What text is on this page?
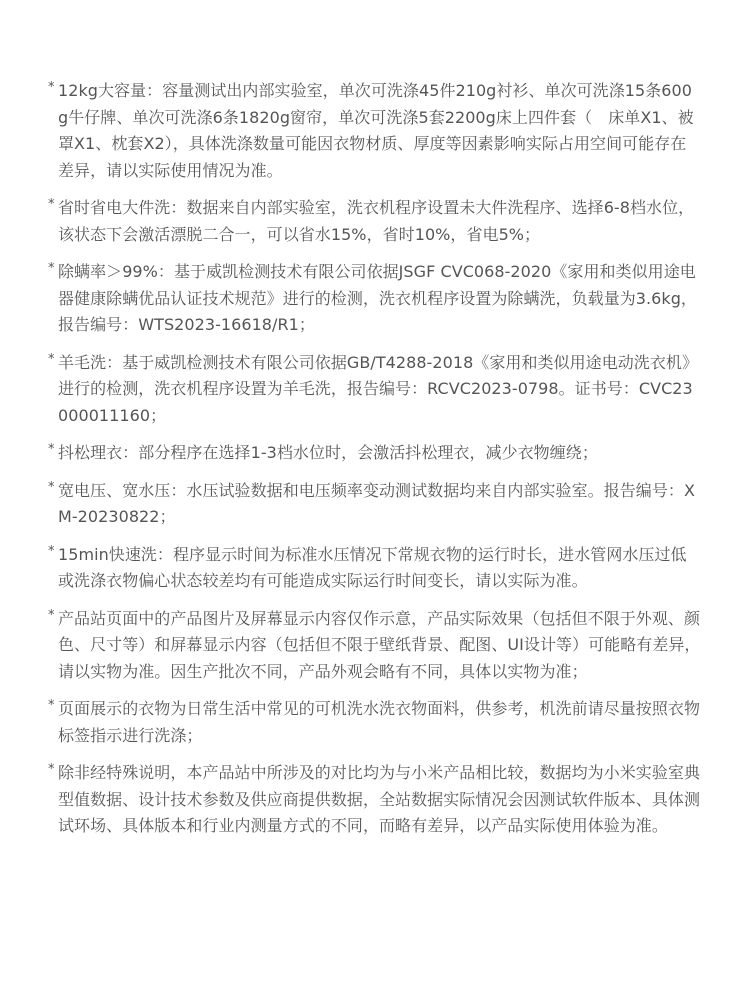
* 12kg大容量：容量测试出内部实验室，单次可洗涤45件210g衬衫、单次可洗涤15条600g牛仔牌、单次可洗涤6条1820g窗帘，单次可洗涤5套2200g床上四件套（　床单X1、被罩X1、枕套X2），具体洗涤数量可能因衣物材质、厚度等因素影响实际占用空间可能存在差异，请以实际使用情况为准。
* 省时省电大件洗：数据来自内部实验室，洗衣机程序设置未大件洗程序、选择6-8档水位，该状态下会激活漂脱二合一，可以省水15%，省时10%，省电5%；
* 除螨率＞99%：基于威凯检测技术有限公司依据JSGF CVC068-2020《家用和类似用途电器健康除螨优品认证技术规范》进行的检测，洗衣机程序设置为除螨洗，负载量为3.6kg，报告编号：WTS2023-16618/R1；
* 羊毛洗：基于威凯检测技术有限公司依据GB/T4288-2018《家用和类似用途电动洗衣机》进行的检测，洗衣机程序设置为羊毛洗，报告编号：RCVC2023-0798。证书号：CVC23000011160；
* 抖松理衣：部分程序在选择1-3档水位时，会激活抖松理衣，减少衣物缠绕；
* 宽电压、宽水压：水压试验数据和电压频率变动测试数据均来自内部实验室。报告编号：XM-20230822；
* 15min快速洗：程序显示时间为标准水压情况下常规衣物的运行时长，进水管网水压过低或洗涤衣物偏心状态较差均有可能造成实际运行时间变长，请以实际为准。
* 产品站页面中的产品图片及屏幕显示内容仅作示意，产品实际效果（包括但不限于外观、颜色、尺寸等）和屏幕显示内容（包括但不限于壁纸背景、配图、UI设计等）可能略有差异，请以实物为准。因生产批次不同，产品外观会略有不同，具体以实物为准；
* 页面展示的衣物为日常生活中常见的可机洗水洗衣物面料，供参考，机洗前请尽量按照衣物标签指示进行洗涤；
* 除非经特殊说明，本产品站中所涉及的对比均为与小米产品相比较，数据均为小米实验室典型值数据、设计技术参数及供应商提供数据，全站数据实际情况会因测试软件版本、具体测试环场、具体版本和行业内测量方式的不同，而略有差异，以产品实际使用体验为准。
